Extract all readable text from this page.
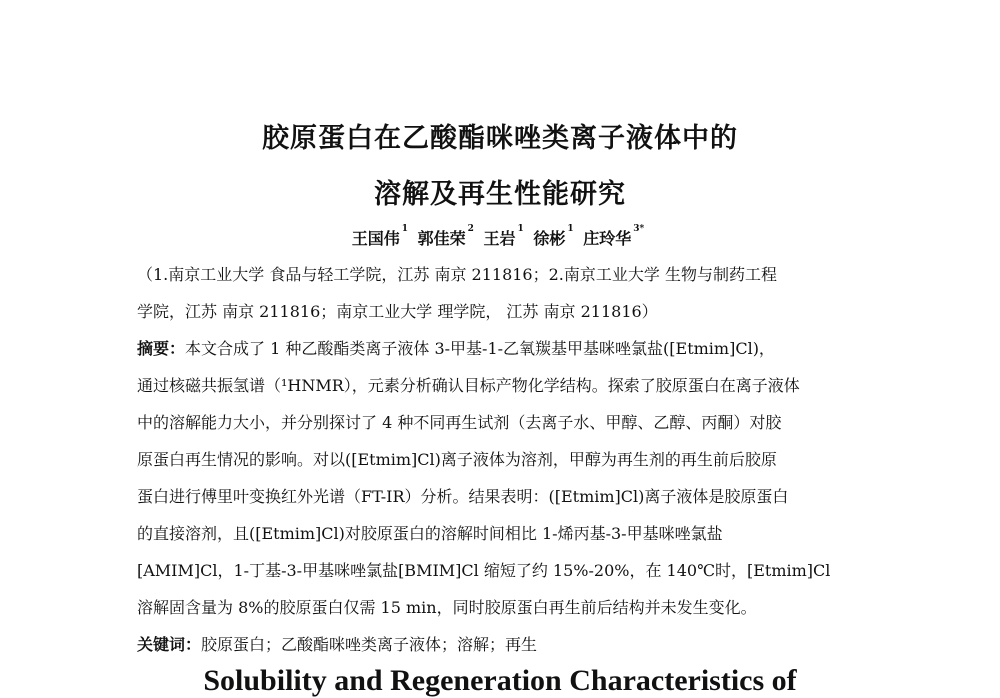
胶原蛋白在乙酸酯咪唑类离子液体中的
溶解及再生性能研究
王国伟 $^1$ 郭佳荣 $^2$ 王岩 $^1$ 徐彬 $^1$ 庄玲华 $^{3*}$

（1.南京工业大学 食品与轻工学院，江苏 南京 211816；2.南京工业大学 生物与制药工程

学院，江苏 南京 211816；南京工业大学 理学院， 江苏 南京 211816）

摘要：本文合成了 1 种乙酸酯类离子液体 3-甲基-1-乙氧羰基甲基咪唑氯盐([Etmim]Cl)，

通过核磁共振氢谱（¹HNMR），元素分析确认目标产物化学结构。探索了胶原蛋白在离子液体

中的溶解能力大小，并分别探讨了 4 种不同再生试剂（去离子水、甲醇、乙醇、丙酮）对胶

原蛋白再生情况的影响。对以([Etmim]Cl)离子液体为溶剂，甲醇为再生剂的再生前后胶原

蛋白进行傅里叶变换红外光谱（FT-IR）分析。结果表明：([Etmim]Cl)离子液体是胶原蛋白

的直接溶剂，且([Etmim]Cl)对胶原蛋白的溶解时间相比 1-烯丙基-3-甲基咪唑氯盐

[AMIM]Cl，1-丁基-3-甲基咪唑氯盐[BMIM]Cl 缩短了约 15%-20%，在 140℃时，[Etmim]Cl

溶解固含量为 8%的胶原蛋白仅需 15 min，同时胶原蛋白再生前后结构并未发生变化。

关键词：胶原蛋白；乙酸酯咪唑类离子液体；溶解；再生

Solubility and Regeneration Characteristics of
